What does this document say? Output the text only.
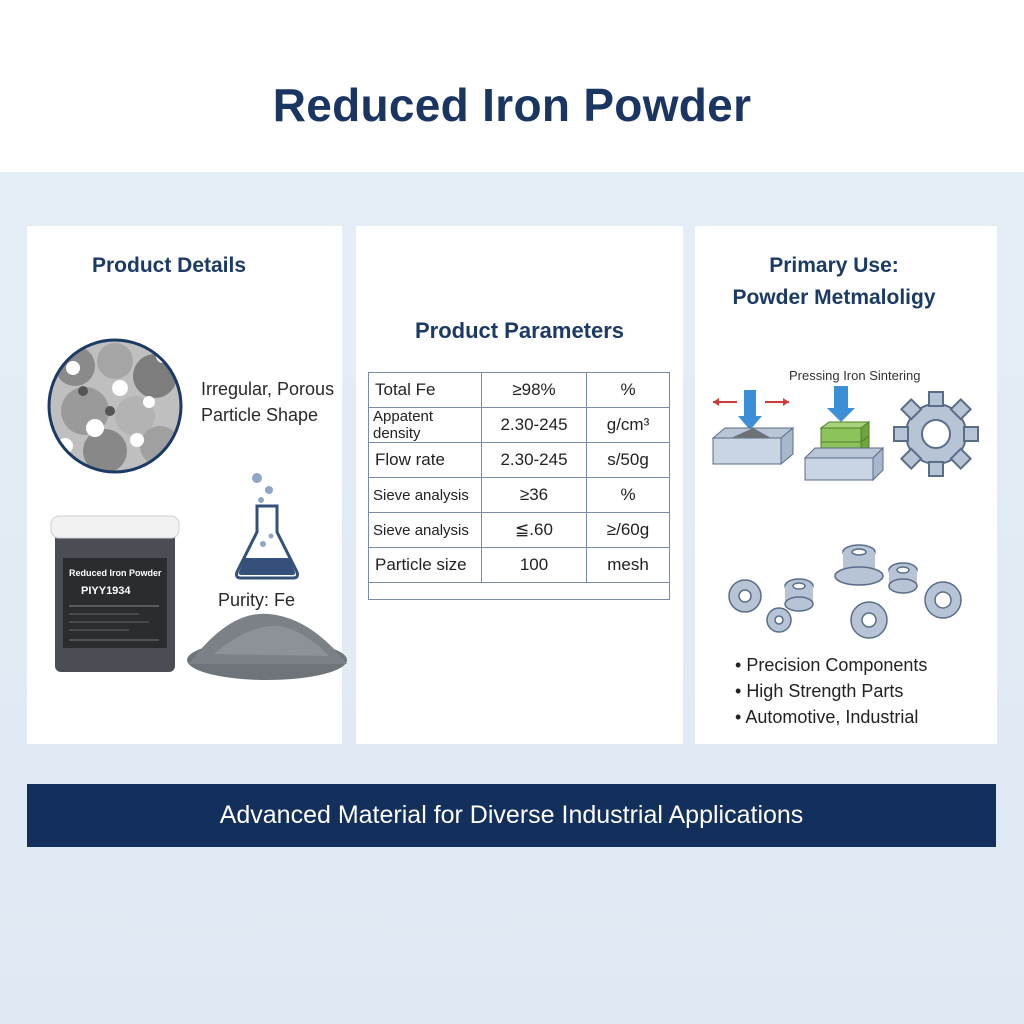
Reduced Iron Powder
Product Details
Irregular, Porous
Particle Shape
Purity: Fe
Reduced Iron Powder
PIYY1934
Product Parameters
Total Fe	≥98%	%
Appatent density	2.30-245	g/cm³
Flow rate	2.30-245	s/50g
Sieve analysis	≥36	%
Sieve analysis	≦.60	≥/60g
Particle size	100	mesh

Primary Use:
Powder Metmaloligy
Pressing Iron Sintering
• Precision Components
• High Strength Parts
• Automotive, Industrial
Advanced Material for Diverse Industrial Applications
